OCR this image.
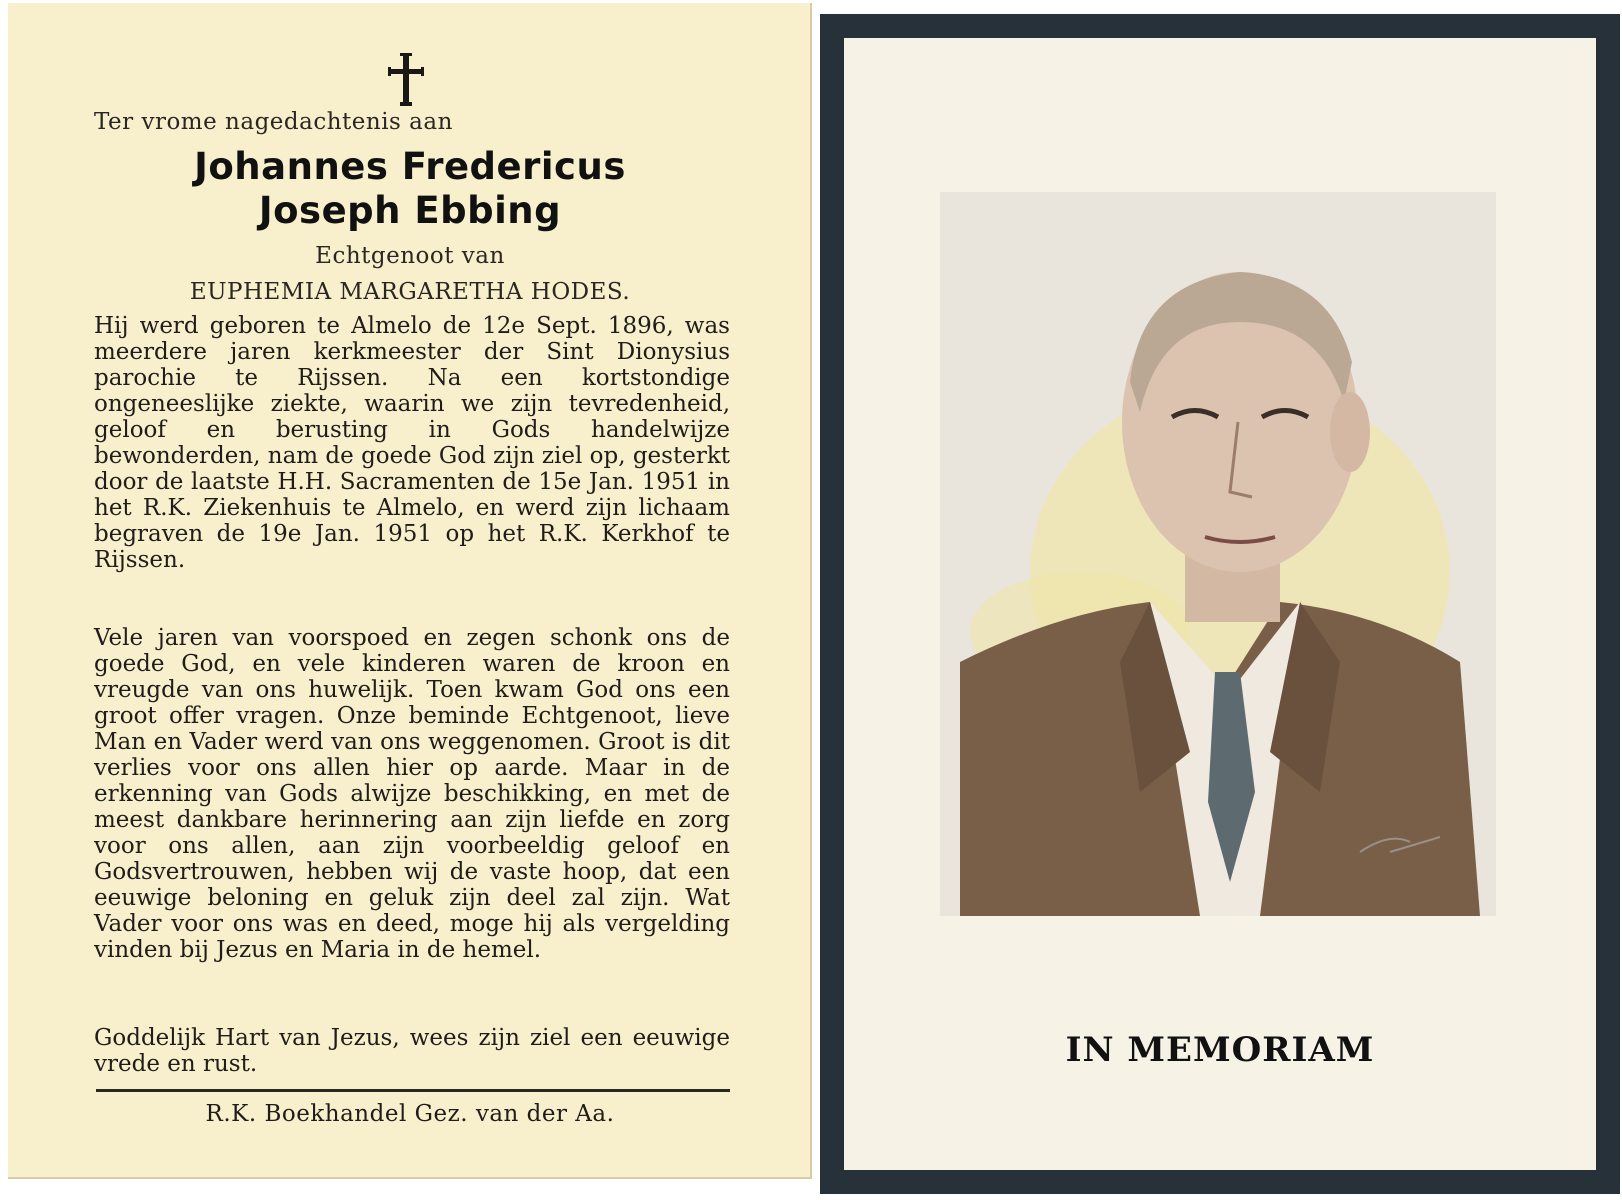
Ter vrome nagedachtenis aan
Johannes Fredericus
Joseph Ebbing
Echtgenoot van
EUPHEMIA MARGARETHA HODES.
Hij werd geboren te Almelo de 12e Sept. 1896, was meerdere jaren kerkmeester der Sint Dionysius parochie te Rijssen. Na een kortstondige ongeneeslijke ziekte, waarin we zijn tevredenheid, geloof en berusting in Gods handelwijze bewonderden, nam de goede God zijn ziel op, gesterkt door de laatste H.H. Sacramenten de 15e Jan. 1951 in het R.K. Ziekenhuis te Almelo, en werd zijn lichaam begraven de 19e Jan. 1951 op het R.K. Kerkhof te Rijssen.
Vele jaren van voorspoed en zegen schonk ons de goede God, en vele kinderen waren de kroon en vreugde van ons huwelijk. Toen kwam God ons een groot offer vragen. Onze beminde Echtgenoot, lieve Man en Vader werd van ons weggenomen. Groot is dit verlies voor ons allen hier op aarde. Maar in de erkenning van Gods alwijze beschikking, en met de meest dankbare herinnering aan zijn liefde en zorg voor ons allen, aan zijn voorbeeldig geloof en Godsvertrouwen, hebben wij de vaste hoop, dat een eeuwige beloning en geluk zijn deel zal zijn. Wat Vader voor ons was en deed, moge hij als vergelding vinden bij Jezus en Maria in de hemel.
Goddelijk Hart van Jezus, wees zijn ziel een eeuwige vrede en rust.
R.K. Boekhandel Gez. van der Aa.
IN MEMORIAM
